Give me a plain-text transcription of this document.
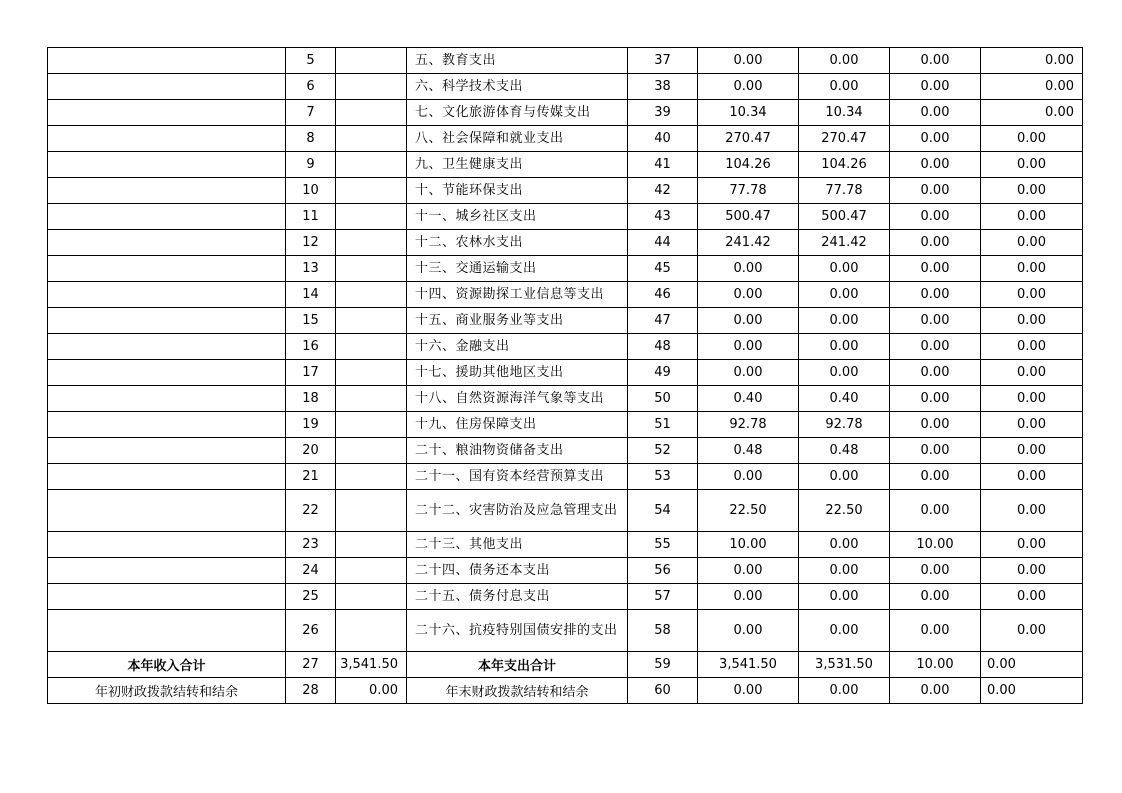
	5		五、教育支出	37	0.00	0.00	0.00	0.00
	6		六、科学技术支出	38	0.00	0.00	0.00	0.00
	7		七、文化旅游体育与传媒支出	39	10.34	10.34	0.00	0.00
	8		八、社会保障和就业支出	40	270.47	270.47	0.00	0.00
	9		九、卫生健康支出	41	104.26	104.26	0.00	0.00
	10		十、节能环保支出	42	77.78	77.78	0.00	0.00
	11		十一、城乡社区支出	43	500.47	500.47	0.00	0.00
	12		十二、农林水支出	44	241.42	241.42	0.00	0.00
	13		十三、交通运输支出	45	0.00	0.00	0.00	0.00
	14		十四、资源勘探工业信息等支出	46	0.00	0.00	0.00	0.00
	15		十五、商业服务业等支出	47	0.00	0.00	0.00	0.00
	16		十六、金融支出	48	0.00	0.00	0.00	0.00
	17		十七、援助其他地区支出	49	0.00	0.00	0.00	0.00
	18		十八、自然资源海洋气象等支出	50	0.40	0.40	0.00	0.00
	19		十九、住房保障支出	51	92.78	92.78	0.00	0.00
	20		二十、粮油物资储备支出	52	0.48	0.48	0.00	0.00
	21		二十一、国有资本经营预算支出	53	0.00	0.00	0.00	0.00
	22		二十二、灾害防治及应急管理支出	54	22.50	22.50	0.00	0.00
	23		二十三、其他支出	55	10.00	0.00	10.00	0.00
	24		二十四、债务还本支出	56	0.00	0.00	0.00	0.00
	25		二十五、债务付息支出	57	0.00	0.00	0.00	0.00
	26		二十六、抗疫特别国债安排的支出	58	0.00	0.00	0.00	0.00
本年收入合计	27	3,541.50	本年支出合计	59	3,541.50	3,531.50	10.00	0.00
年初财政拨款结转和结余	28	0.00	年末财政拨款结转和结余	60	0.00	0.00	0.00	0.00
